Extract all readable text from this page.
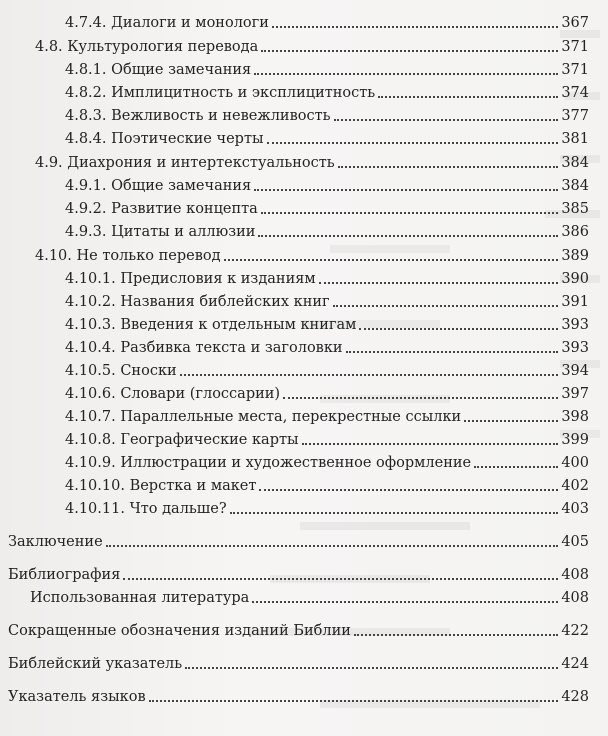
4.7.4. Диалоги и монологи	367
4.8. Культурология перевода	371
4.8.1. Общие замечания	371
4.8.2. Имплицитность и эксплицитность	374
4.8.3. Вежливость и невежливость	377
4.8.4. Поэтические черты	381
4.9. Диахрония и интертекстуальность	384
4.9.1. Общие замечания	384
4.9.2. Развитие концепта	385
4.9.3. Цитаты и аллюзии	386
4.10. Не только перевод	389
4.10.1. Предисловия к изданиям	390
4.10.2. Названия библейских книг	391
4.10.3. Введения к отдельным книгам	393
4.10.4. Разбивка текста и заголовки	393
4.10.5. Сноски	394
4.10.6. Словари (глоссарии)	397
4.10.7. Параллельные места, перекрестные ссылки	398
4.10.8. Географические карты	399
4.10.9. Иллюстрации и художественное оформление	400
4.10.10. Верстка и макет	402
4.10.11. Что дальше?	403
Заключение	405
Библиография	408
Использованная литература	408
Сокращенные обозначения изданий Библии	422
Библейский указатель	424
Указатель языков	428
